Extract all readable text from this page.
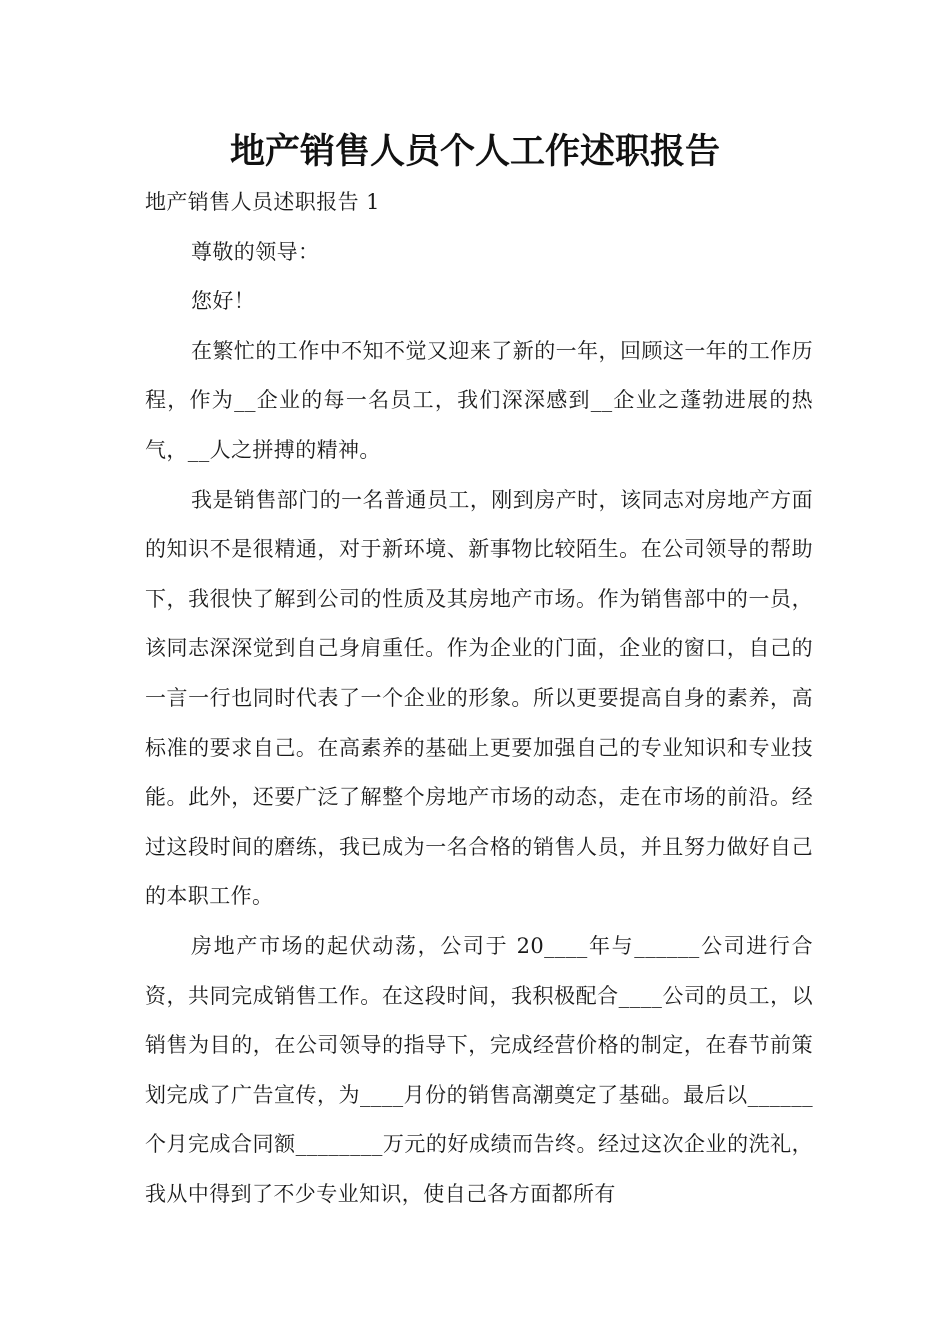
地产销售人员个人工作述职报告

地产销售人员述职报告 1

尊敬的领导：

您好！

在繁忙的工作中不知不觉又迎来了新的一年，回顾这一年的工作历程，作为__企业的每一名员工，我们深深感到__企业之蓬勃进展的热气，__人之拼搏的精神。

我是销售部门的一名普通员工，刚到房产时，该同志对房地产方面的知识不是很精通，对于新环境、新事物比较陌生。在公司领导的帮助下，我很快了解到公司的性质及其房地产市场。作为销售部中的一员，该同志深深觉到自己身肩重任。作为企业的门面，企业的窗口，自己的一言一行也同时代表了一个企业的形象。所以更要提高自身的素养，高标准的要求自己。在高素养的基础上更要加强自己的专业知识和专业技能。此外，还要广泛了解整个房地产市场的动态，走在市场的前沿。经过这段时间的磨练，我已成为一名合格的销售人员，并且努力做好自己的本职工作。

房地产市场的起伏动荡，公司于 20____年与______公司进行合资，共同完成销售工作。在这段时间，我积极配合____公司的员工，以销售为目的，在公司领导的指导下，完成经营价格的制定，在春节前策划完成了广告宣传，为____月份的销售高潮奠定了基础。最后以______个月完成合同额________万元的好成绩而告终。经过这次企业的洗礼，我从中得到了不少专业知识，使自己各方面都所有
